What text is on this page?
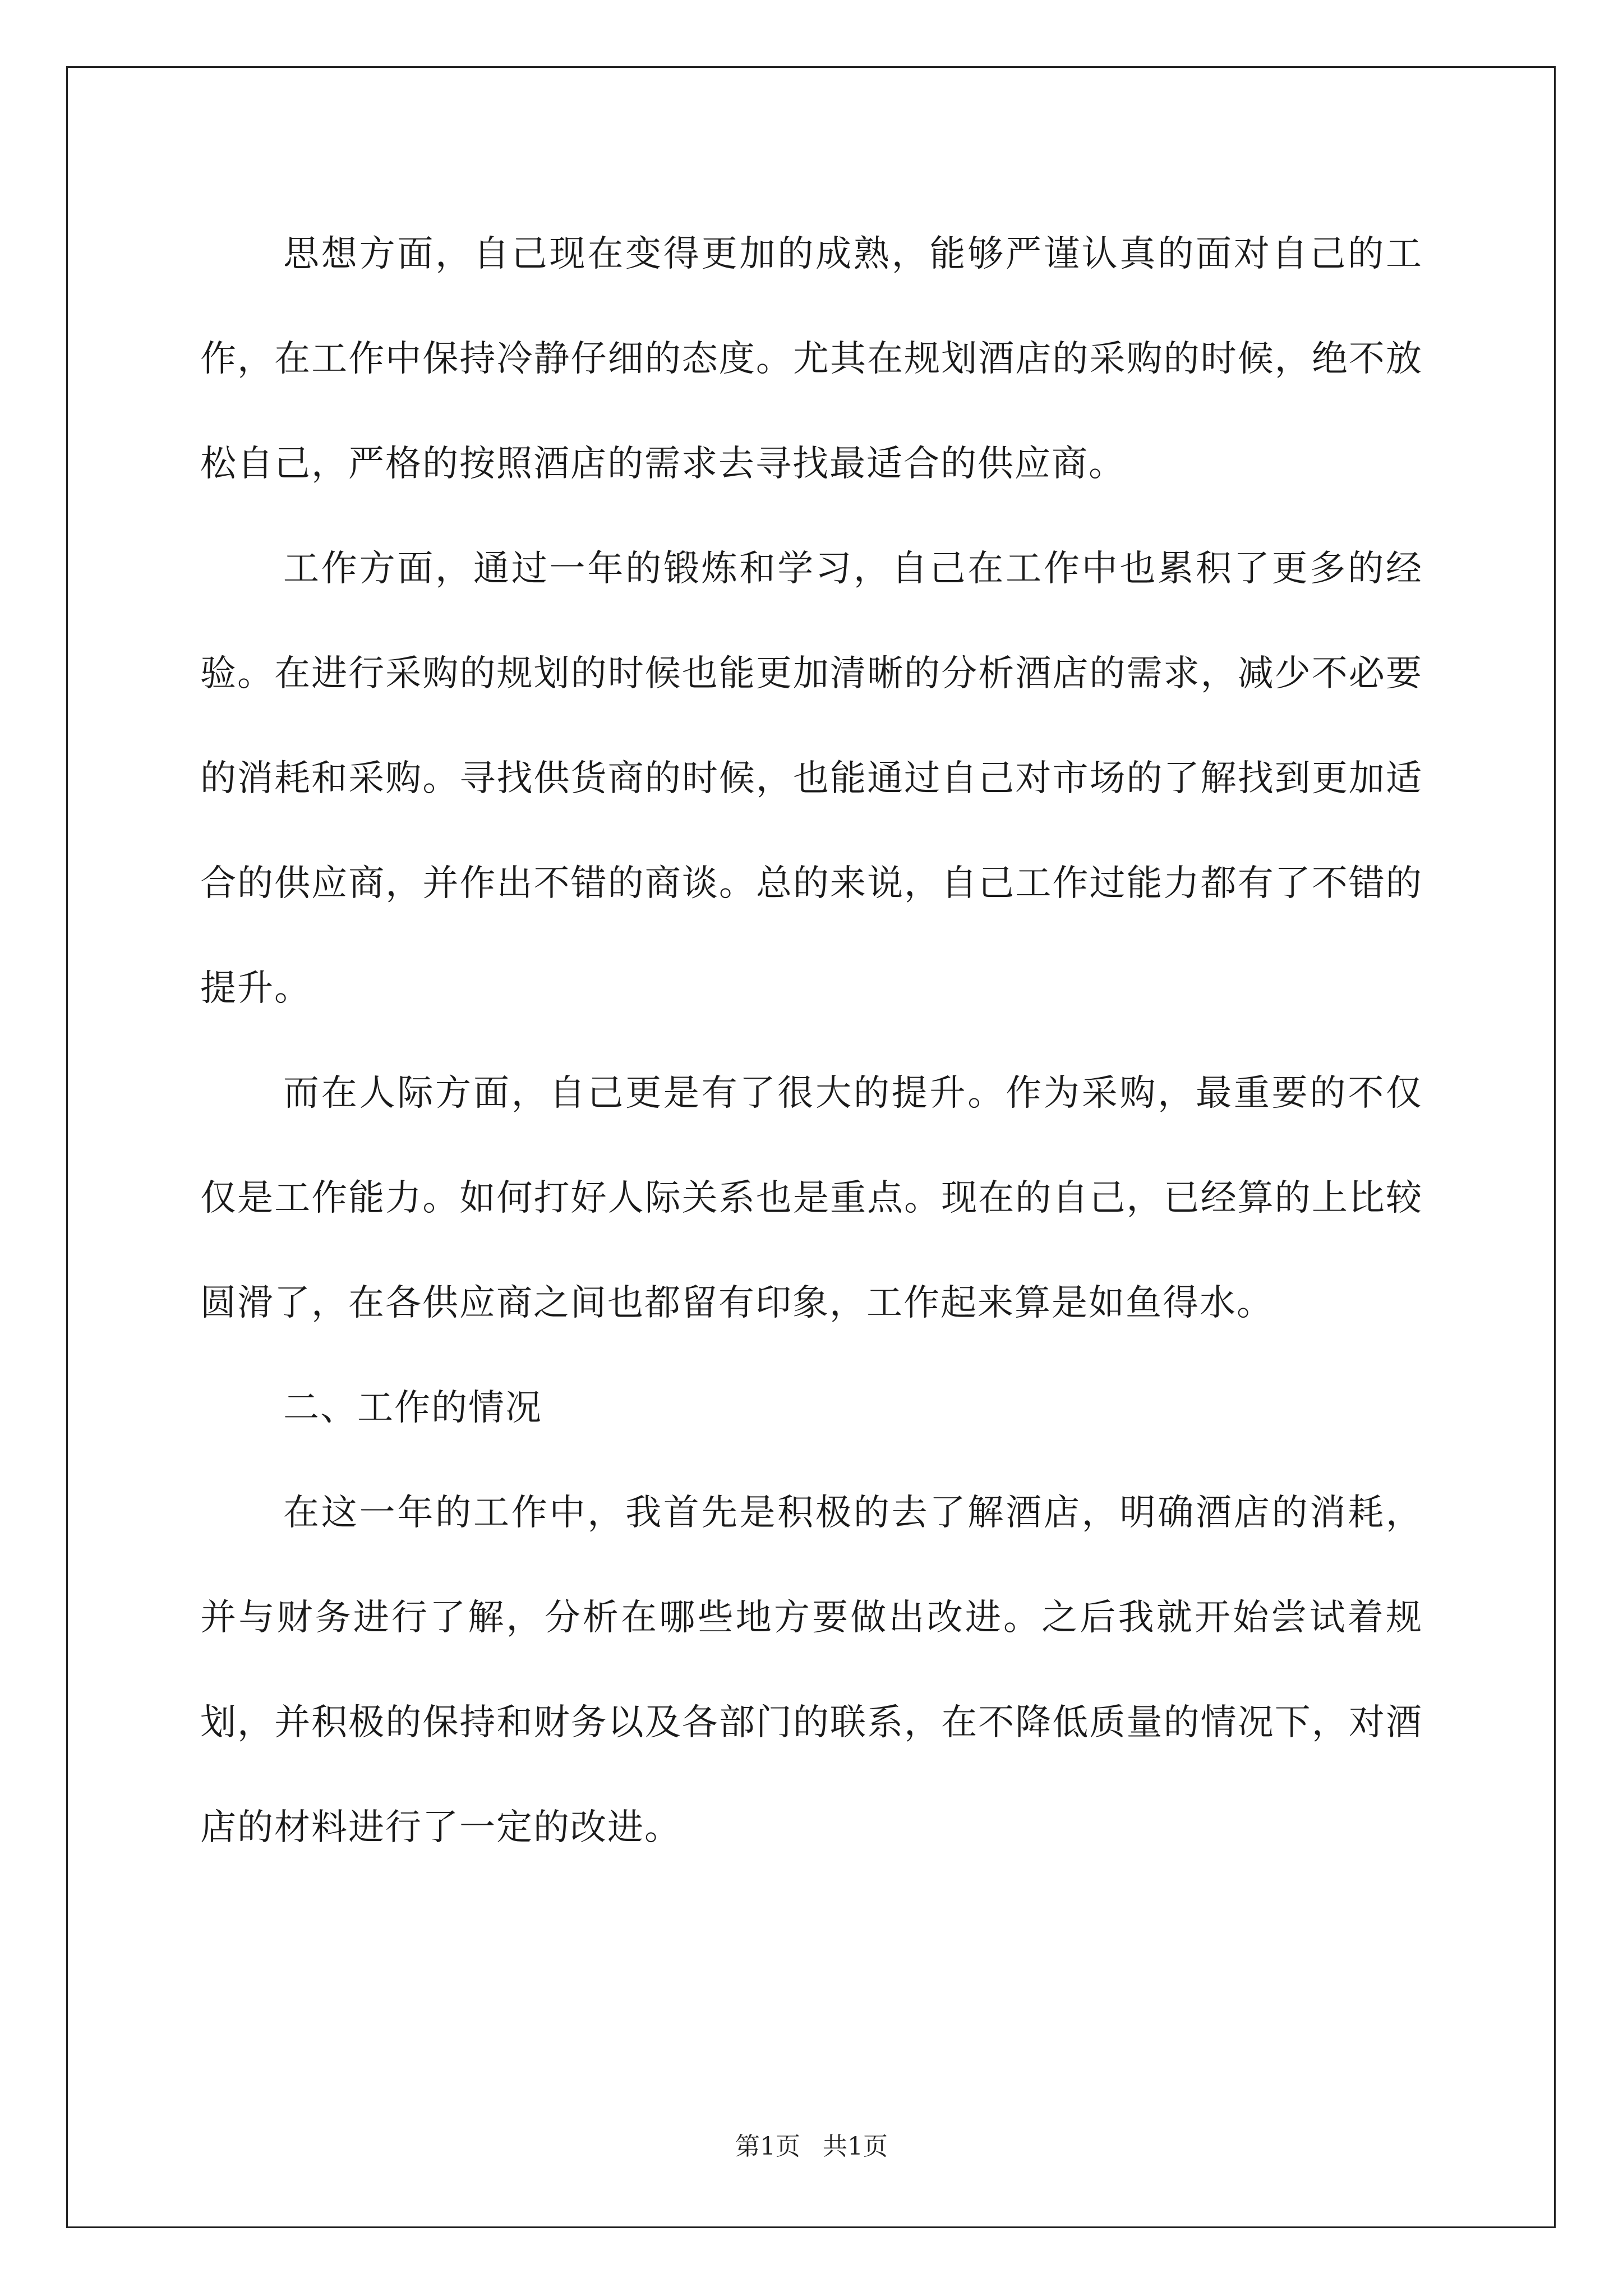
思想方面，自己现在变得更加的成熟，能够严谨认真的面对自己的工作，在工作中保持冷静仔细的态度。尤其在规划酒店的采购的时候，绝不放松自己，严格的按照酒店的需求去寻找最适合的供应商。

工作方面，通过一年的锻炼和学习，自己在工作中也累积了更多的经验。在进行采购的规划的时候也能更加清晰的分析酒店的需求，减少不必要的消耗和采购。寻找供货商的时候，也能通过自己对市场的了解找到更加适合的供应商，并作出不错的商谈。总的来说，自己工作过能力都有了不错的提升。

而在人际方面，自己更是有了很大的提升。作为采购，最重要的不仅仅是工作能力。如何打好人际关系也是重点。现在的自己，已经算的上比较圆滑了，在各供应商之间也都留有印象，工作起来算是如鱼得水。

二、工作的情况

在这一年的工作中，我首先是积极的去了解酒店，明确酒店的消耗，并与财务进行了解，分析在哪些地方要做出改进。之后我就开始尝试着规划，并积极的保持和财务以及各部门的联系，在不降低质量的情况下，对酒店的材料进行了一定的改进。

第1页 共1页
